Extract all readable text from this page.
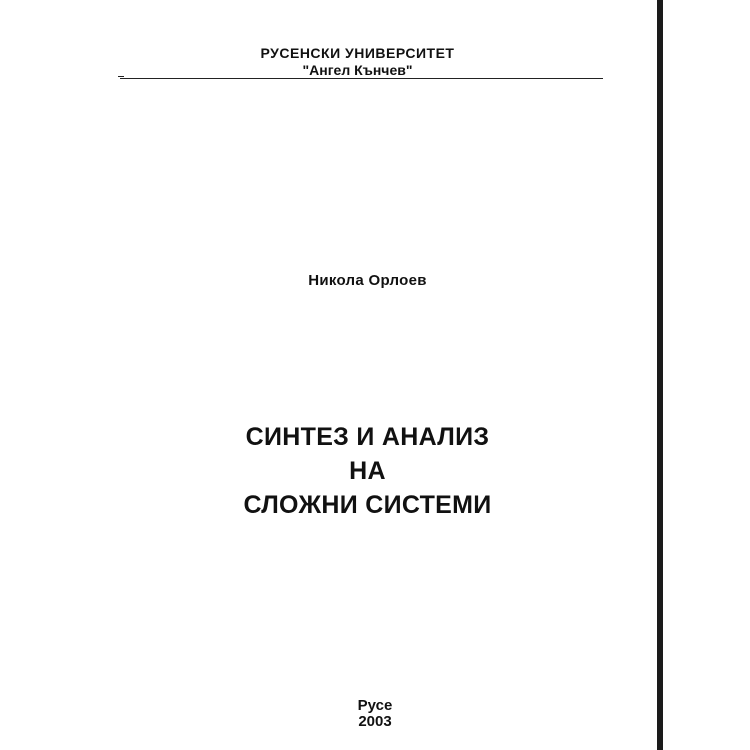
РУСЕНСКИ УНИВЕРСИТЕТ
"Ангел Кънчев"
Никола Орлоев
СИНТЕЗ И АНАЛИЗ
НА
СЛОЖНИ СИСТЕМИ
Русе
2003
